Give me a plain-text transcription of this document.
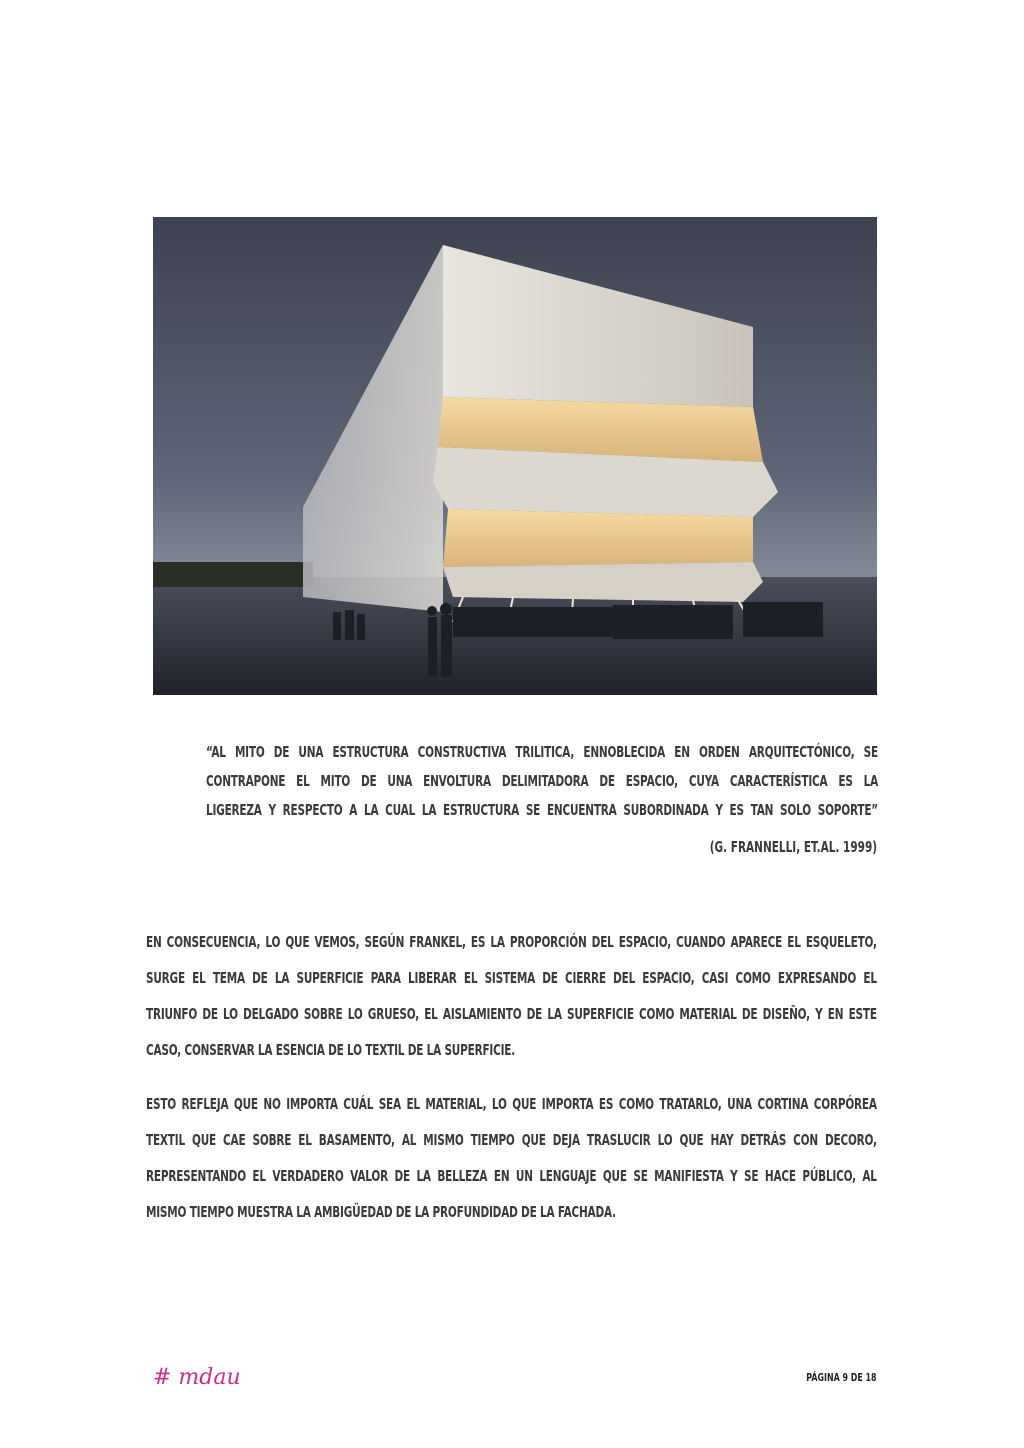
“AL MITO DE UNA ESTRUCTURA CONSTRUCTIVA TRILITICA, ENNOBLECIDA EN ORDEN ARQUITECTÓNICO, SE
CONTRAPONE EL MITO DE UNA ENVOLTURA DELIMITADORA DE ESPACIO, CUYA CARACTERÍSTICA ES LA
LIGEREZA Y RESPECTO A LA CUAL LA ESTRUCTURA SE ENCUENTRA SUBORDINADA Y ES TAN SOLO SOPORTE”
(G. FRANNELLI, ET.AL. 1999)
EN CONSECUENCIA, LO QUE VEMOS, SEGÚN FRANKEL, ES LA PROPORCIÓN DEL ESPACIO, CUANDO APARECE EL ESQUELETO,
SURGE EL TEMA DE LA SUPERFICIE PARA LIBERAR EL SISTEMA DE CIERRE DEL ESPACIO, CASI COMO EXPRESANDO EL
TRIUNFO DE LO DELGADO SOBRE LO GRUESO, EL AISLAMIENTO DE LA SUPERFICIE COMO MATERIAL DE DISEÑO, Y EN ESTE
CASO, CONSERVAR LA ESENCIA DE LO TEXTIL DE LA SUPERFICIE.
ESTO REFLEJA QUE NO IMPORTA CUÁL SEA EL MATERIAL, LO QUE IMPORTA ES COMO TRATARLO, UNA CORTINA CORPÓREA
TEXTIL QUE CAE SOBRE EL BASAMENTO, AL MISMO TIEMPO QUE DEJA TRASLUCIR LO QUE HAY DETRÁS CON DECORO,
REPRESENTANDO EL VERDADERO VALOR DE LA BELLEZA EN UN LENGUAJE QUE SE MANIFIESTA Y SE HACE PÚBLICO, AL
MISMO TIEMPO MUESTRA LA AMBIGÜEDAD DE LA PROFUNDIDAD DE LA FACHADA.
# mdau	PÁGINA 9 DE 18
